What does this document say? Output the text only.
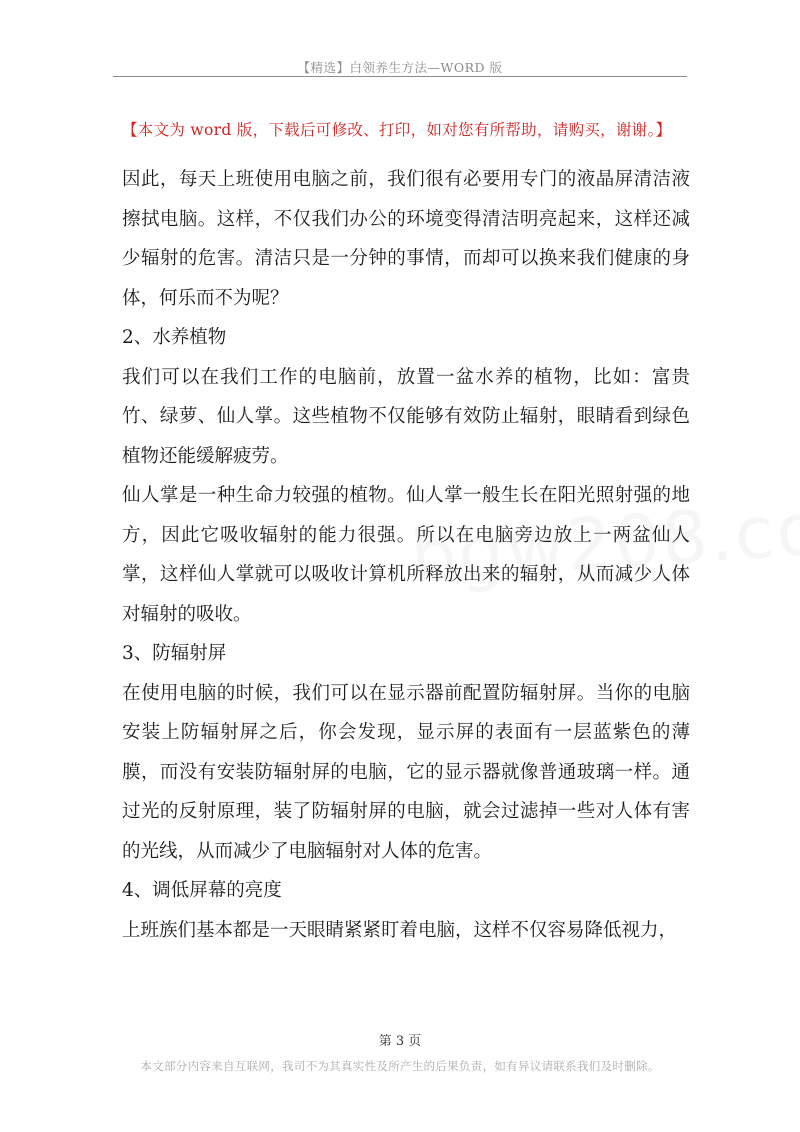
【精选】白领养生方法—WORD 版
【本文为 word 版，下载后可修改、打印，如对您有所帮助，请购买，谢谢。】

因此，每天上班使用电脑之前，我们很有必要用专门的液晶屏清洁液擦拭电脑。这样，不仅我们办公的环境变得清洁明亮起来，这样还减少辐射的危害。清洁只是一分钟的事情，而却可以换来我们健康的身体，何乐而不为呢？

2、水养植物

我们可以在我们工作的电脑前，放置一盆水养的植物，比如：富贵竹、绿萝、仙人掌。这些植物不仅能够有效防止辐射，眼睛看到绿色植物还能缓解疲劳。

仙人掌是一种生命力较强的植物。仙人掌一般生长在阳光照射强的地方，因此它吸收辐射的能力很强。所以在电脑旁边放上一两盆仙人掌，这样仙人掌就可以吸收计算机所释放出来的辐射，从而减少人体对辐射的吸收。

3、防辐射屏

在使用电脑的时候，我们可以在显示器前配置防辐射屏。当你的电脑安装上防辐射屏之后，你会发现，显示屏的表面有一层蓝紫色的薄膜，而没有安装防辐射屏的电脑，它的显示器就像普通玻璃一样。通过光的反射原理，装了防辐射屏的电脑，就会过滤掉一些对人体有害的光线，从而减少了电脑辐射对人体的危害。

4、调低屏幕的亮度

上班族们基本都是一天眼睛紧紧盯着电脑，这样不仅容易降低视力，

第 3 页
本文部分内容来自互联网，我司不为其真实性及所产生的后果负责，如有异议请联系我们及时删除。
